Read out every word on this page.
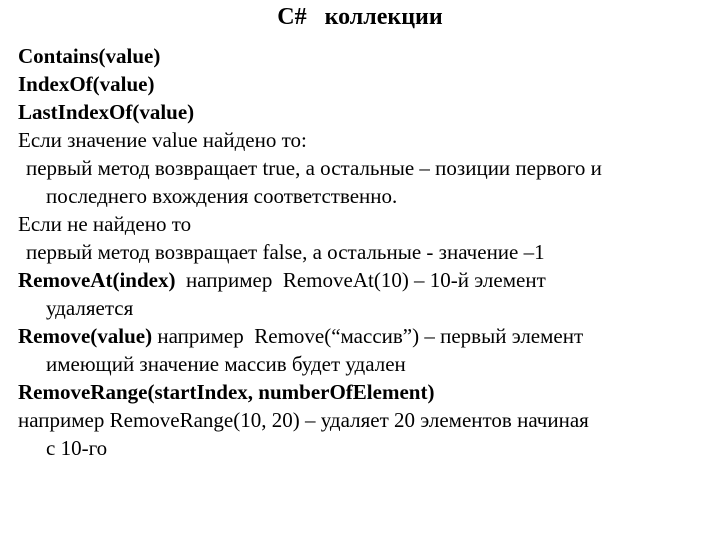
C#   коллекции
Contains(value)
IndexOf(value)
LastIndexOf(value)
Если значение value найдено то:
первый метод возвращает true, а остальные – позиции первого и
последнего вхождения соответственно.
Если не найдено то
первый метод возвращает false, а остальные - значение –1
RemoveAt(index)  например  RemoveAt(10) – 10-й элемент
удаляется
Remove(value) например  Remove(“массив”) – первый элемент
имеющий значение массив будет удален
RemoveRange(startIndex, numberOfElement)
например RemoveRange(10, 20) – удаляет 20 элементов начиная
с 10-го
